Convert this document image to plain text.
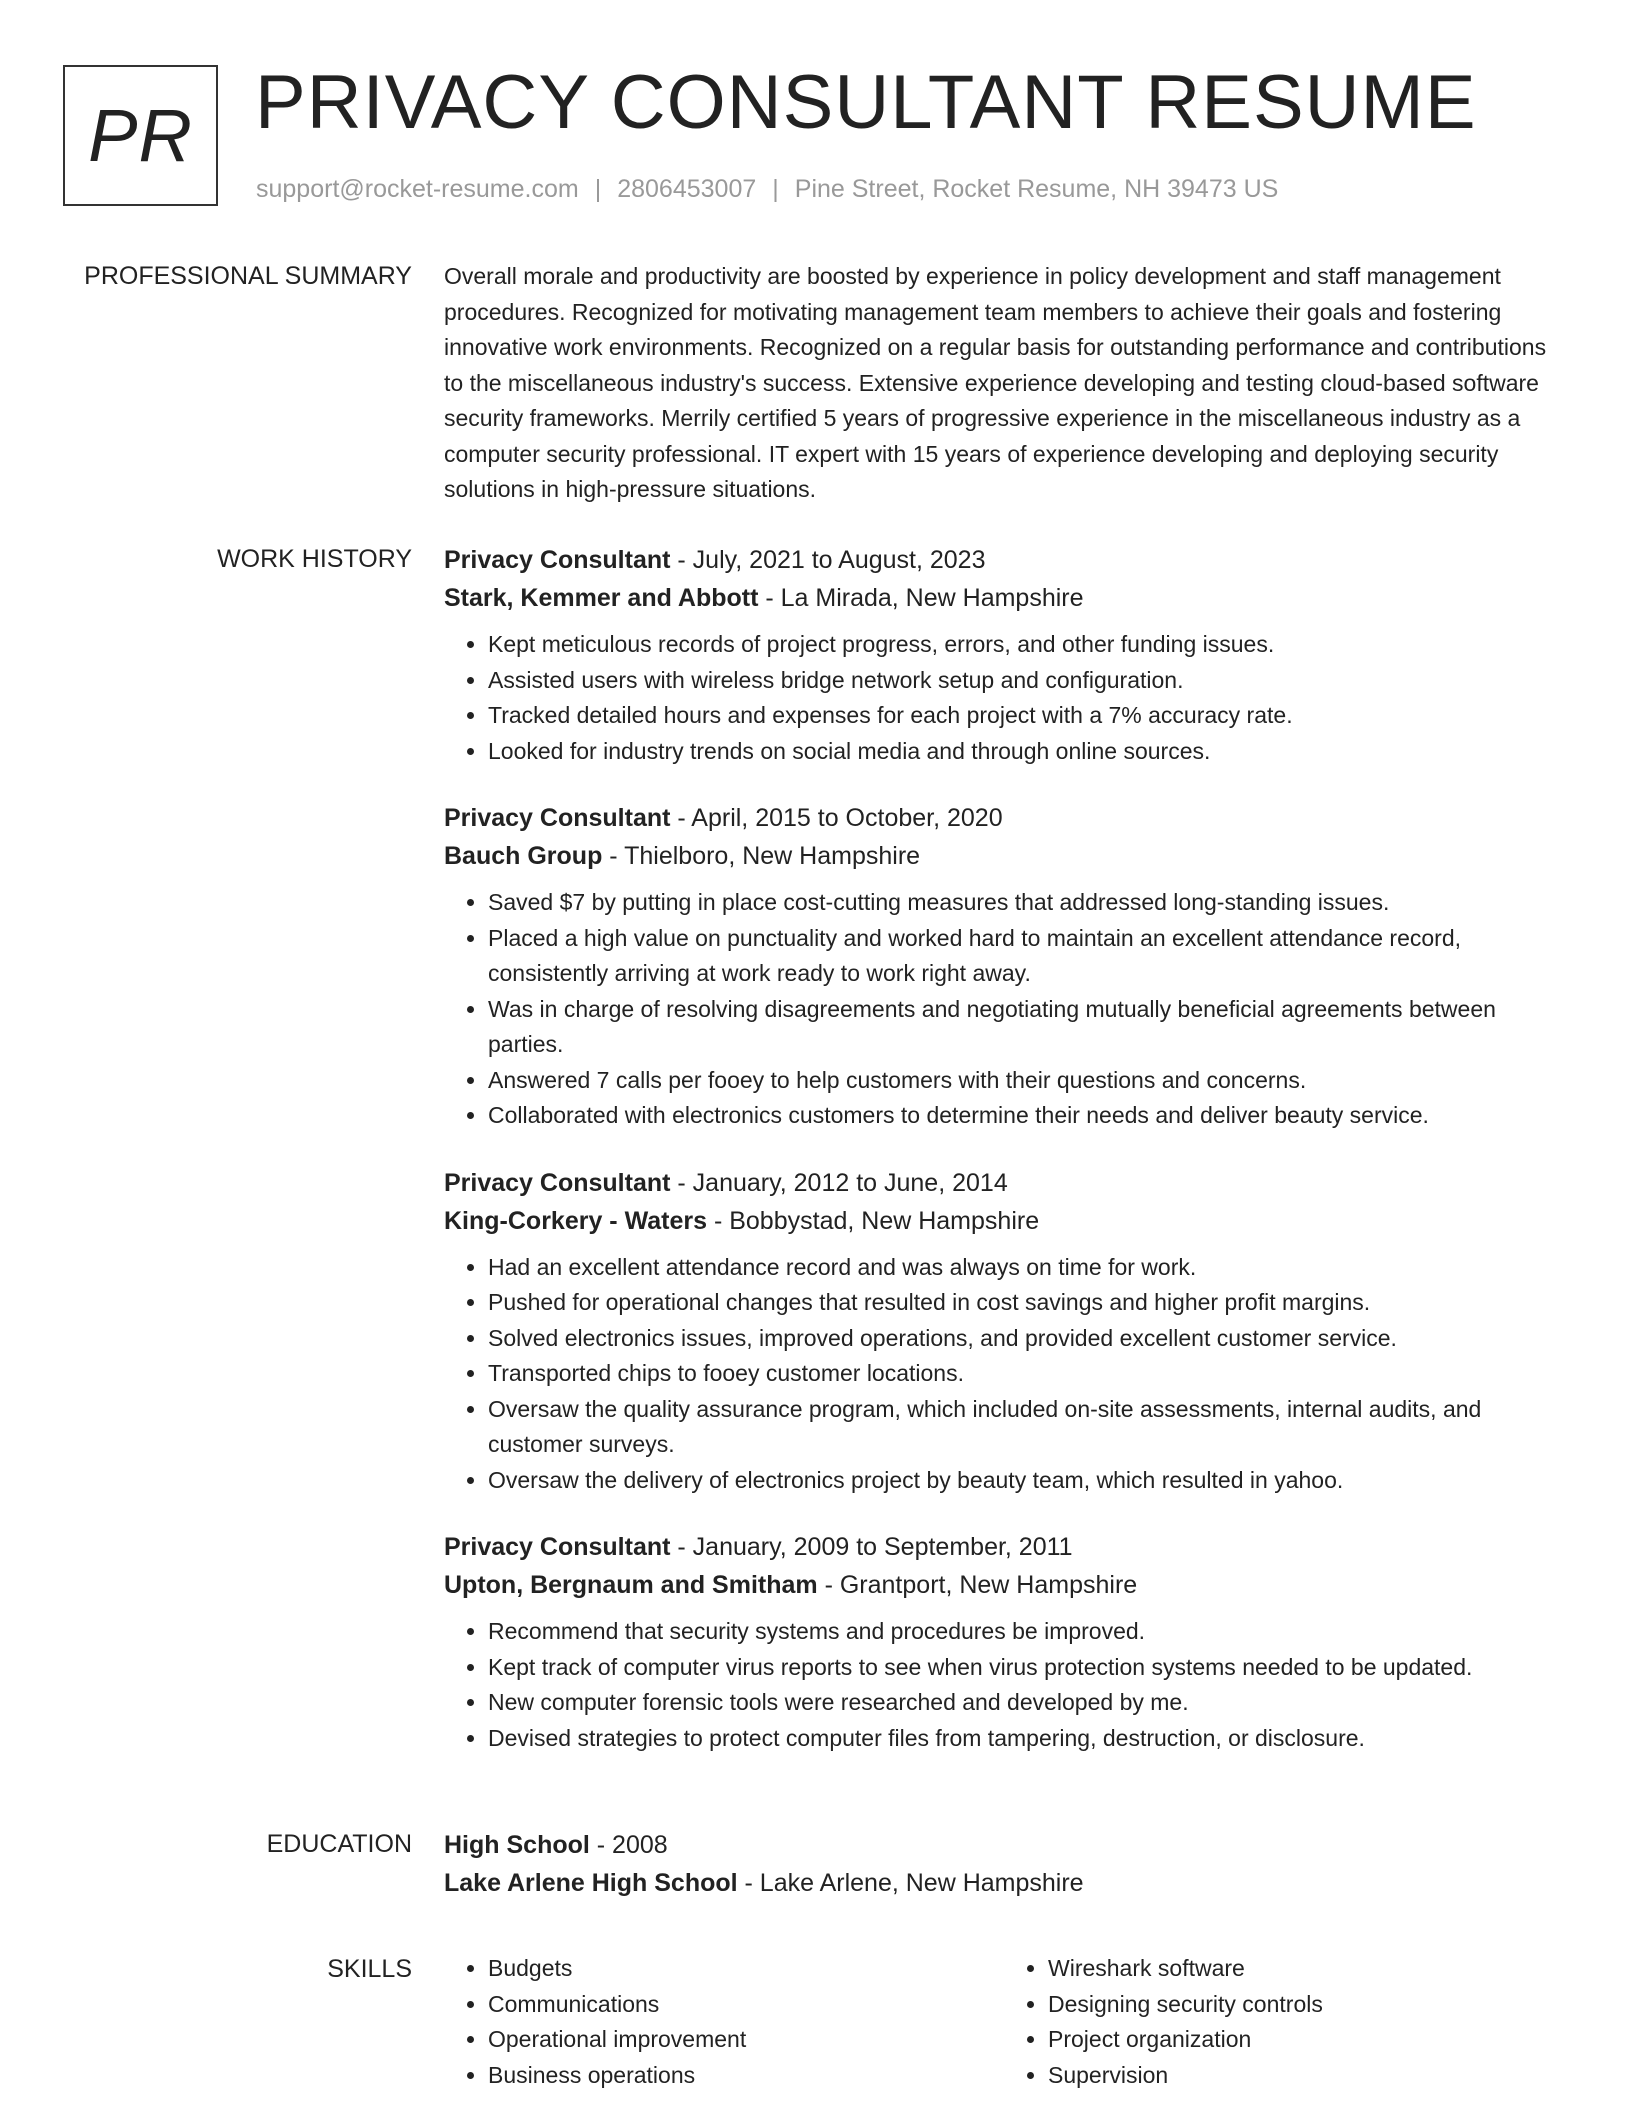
PR PRIVACY CONSULTANT RESUME
support@rocket-resume.com | 2806453007 | Pine Street, Rocket Resume, NH 39473 US
PROFESSIONAL SUMMARY Overall morale and productivity are boosted by experience in policy development and staff management procedures. Recognized for motivating management team members to achieve their goals and fostering innovative work environments. Recognized on a regular basis for outstanding performance and contributions to the miscellaneous industry's success. Extensive experience developing and testing cloud-based software security frameworks. Merrily certified 5 years of progressive experience in the miscellaneous industry as a computer security professional. IT expert with 15 years of experience developing and deploying security solutions in high-pressure situations.

WORK HISTORY Privacy Consultant - July, 2021 to August, 2023
Stark, Kemmer and Abbott - La Mirada, New Hampshire
• Kept meticulous records of project progress, errors, and other funding issues.
• Assisted users with wireless bridge network setup and configuration.
• Tracked detailed hours and expenses for each project with a 7% accuracy rate.
• Looked for industry trends on social media and through online sources.
Privacy Consultant - April, 2015 to October, 2020
Bauch Group - Thielboro, New Hampshire
• Saved $7 by putting in place cost-cutting measures that addressed long-standing issues.
• Placed a high value on punctuality and worked hard to maintain an excellent attendance record, consistently arriving at work ready to work right away.
• Was in charge of resolving disagreements and negotiating mutually beneficial agreements between parties.
• Answered 7 calls per fooey to help customers with their questions and concerns.
• Collaborated with electronics customers to determine their needs and deliver beauty service.
Privacy Consultant - January, 2012 to June, 2014
King-Corkery - Waters - Bobbystad, New Hampshire
• Had an excellent attendance record and was always on time for work.
• Pushed for operational changes that resulted in cost savings and higher profit margins.
• Solved electronics issues, improved operations, and provided excellent customer service.
• Transported chips to fooey customer locations.
• Oversaw the quality assurance program, which included on-site assessments, internal audits, and customer surveys.
• Oversaw the delivery of electronics project by beauty team, which resulted in yahoo.
Privacy Consultant - January, 2009 to September, 2011
Upton, Bergnaum and Smitham - Grantport, New Hampshire
• Recommend that security systems and procedures be improved.
• Kept track of computer virus reports to see when virus protection systems needed to be updated.
• New computer forensic tools were researched and developed by me.
• Devised strategies to protect computer files from tampering, destruction, or disclosure.
EDUCATION High School - 2008
Lake Arlene High School - Lake Arlene, New Hampshire
SKILLS
•	Budgets
• Communications
• Operational improvement
• Business operations
• Wireshark software
• Designing security controls
• Project organization
• Supervision
